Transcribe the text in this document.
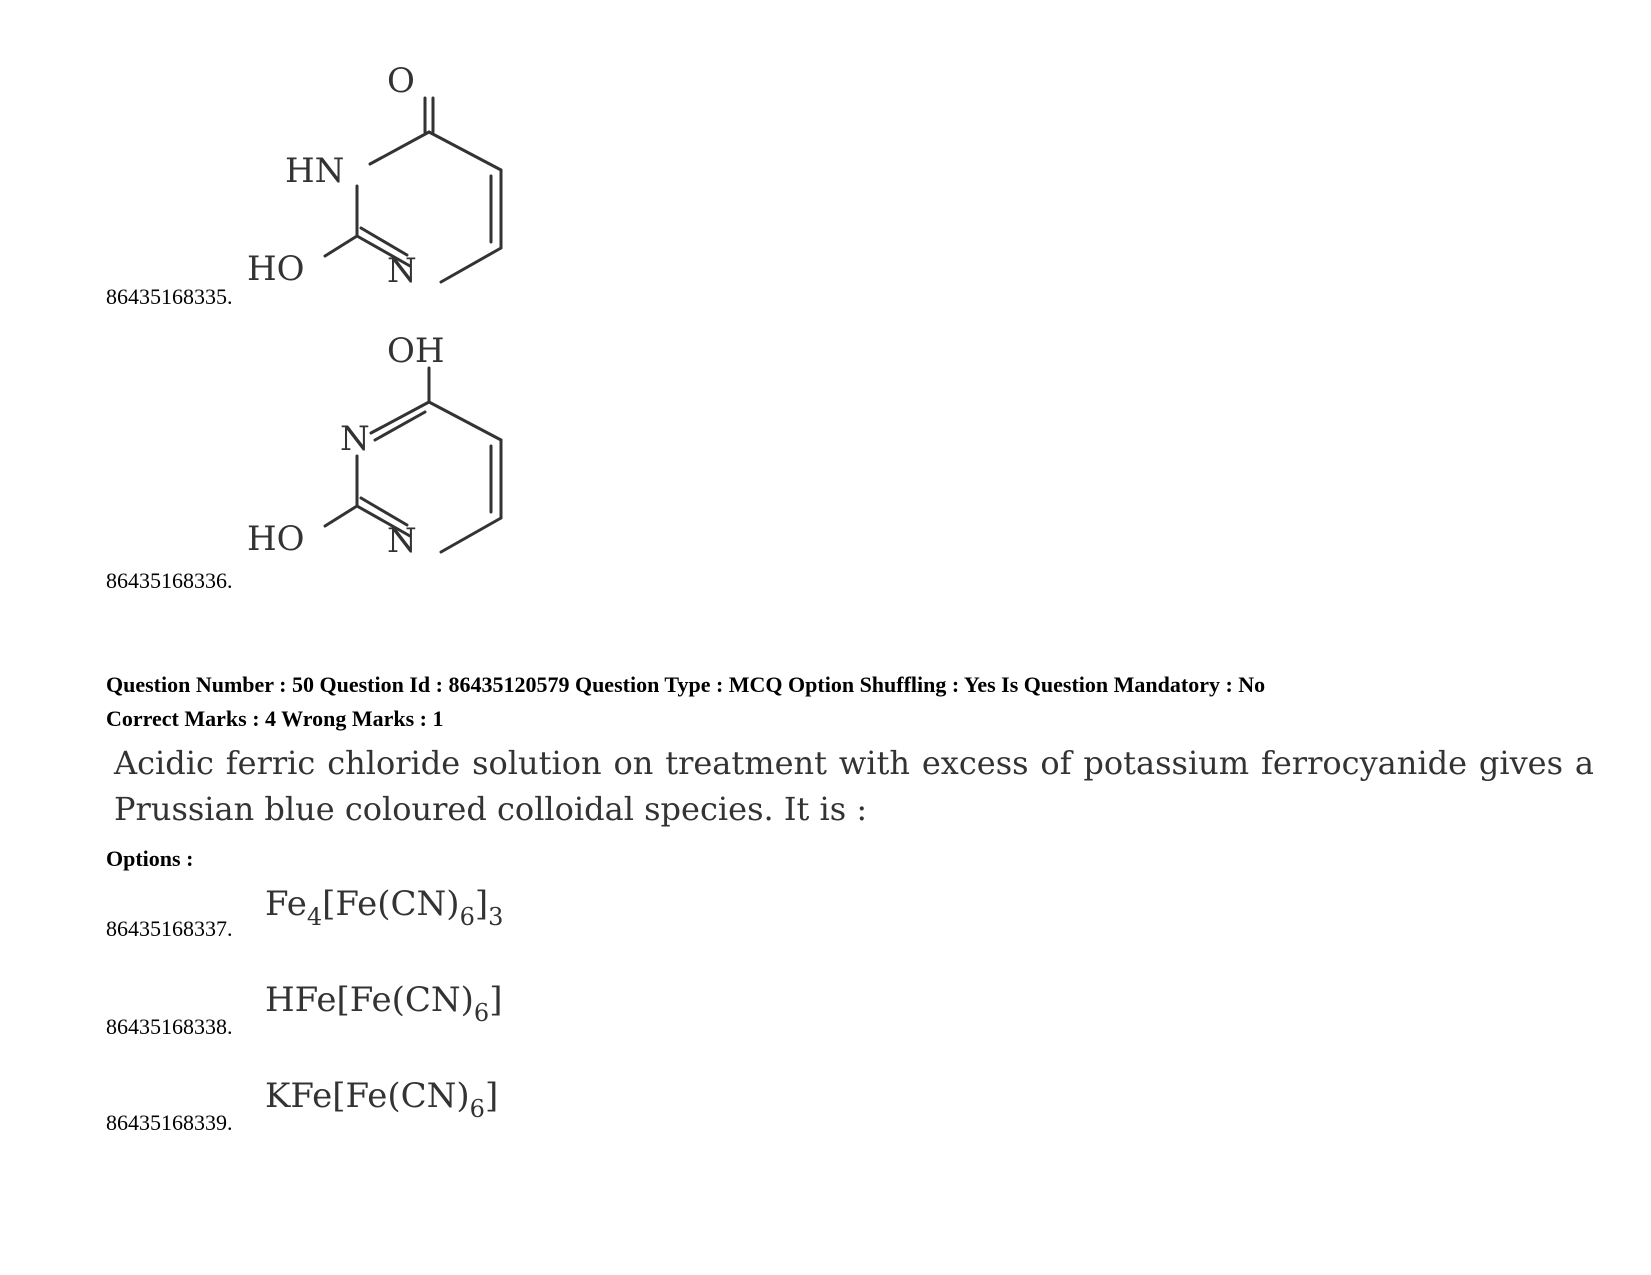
O
HN
HO N
86435168335.
OH
N
HO N
86435168336.
Question Number : 50 Question Id : 86435120579 Question Type : MCQ Option Shuffling : Yes Is Question Mandatory : No
Correct Marks : 4 Wrong Marks : 1
Acidic ferric chloride solution on treatment with excess of potassium ferrocyanide gives a Prussian blue coloured colloidal species. It is :
Options :
$Fe_4[Fe(CN)_6]_3$
86435168337.
$HFe[Fe(CN)_6]$
86435168338.
$KFe[Fe(CN)_6]$
86435168339.
